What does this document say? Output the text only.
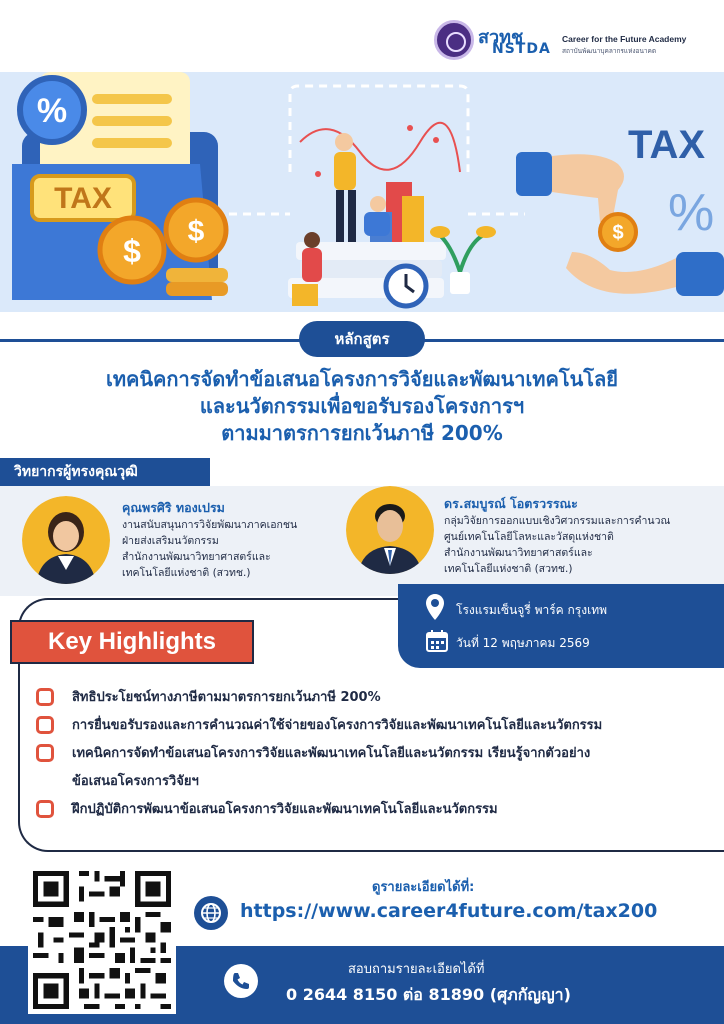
สวทช
NSTDA
Career for the Future Academy
สถาบันพัฒนาบุคลากรแห่งอนาคต
TAX
%
$
$
TAX
%
$
หลักสูตร
เทคนิคการจัดทำข้อเสนอโครงการวิจัยและพัฒนาเทคโนโลยี
และนวัตกรรมเพื่อขอรับรองโครงการฯ
ตามมาตรการยกเว้นภาษี 200%
วิทยากรผู้ทรงคุณวุฒิ
คุณพรศิริ ทองเปรม
งานสนับสนุนการวิจัยพัฒนาภาคเอกชน
ฝ่ายส่งเสริมนวัตกรรม
สำนักงานพัฒนาวิทยาศาสตร์และ
เทคโนโลยีแห่งชาติ (สวทช.)
ดร.สมบูรณ์ โอตรวรรณะ
กลุ่มวิจัยการออกแบบเชิงวิศวกรรมและการคำนวณ
ศูนย์เทคโนโลยีโลหะและวัสดุแห่งชาติ
สำนักงานพัฒนาวิทยาศาสตร์และ
เทคโนโลยีแห่งชาติ (สวทช.)
โรงแรมเซ็นจูรี่ พาร์ค กรุงเทพ
วันที่ 12 พฤษภาคม 2569
Key Highlights
สิทธิประโยชน์ทางภาษีตามมาตรการยกเว้นภาษี 200%
การยื่นขอรับรองและการคำนวณค่าใช้จ่ายของโครงการวิจัยและพัฒนาเทคโนโลยีและนวัตกรรม
เทคนิคการจัดทำข้อเสนอโครงการวิจัยและพัฒนาเทคโนโลยีและนวัตกรรม เรียนรู้จากตัวอย่าง
ข้อเสนอโครงการวิจัยฯ
ฝึกปฏิบัติการพัฒนาข้อเสนอโครงการวิจัยและพัฒนาเทคโนโลยีและนวัตกรรม
ดูรายละเอียดได้ที่:
https://www.career4future.com/tax200
สอบถามรายละเอียดได้ที่
0 2644 8150 ต่อ 81890 (ศุภกัญญา)
